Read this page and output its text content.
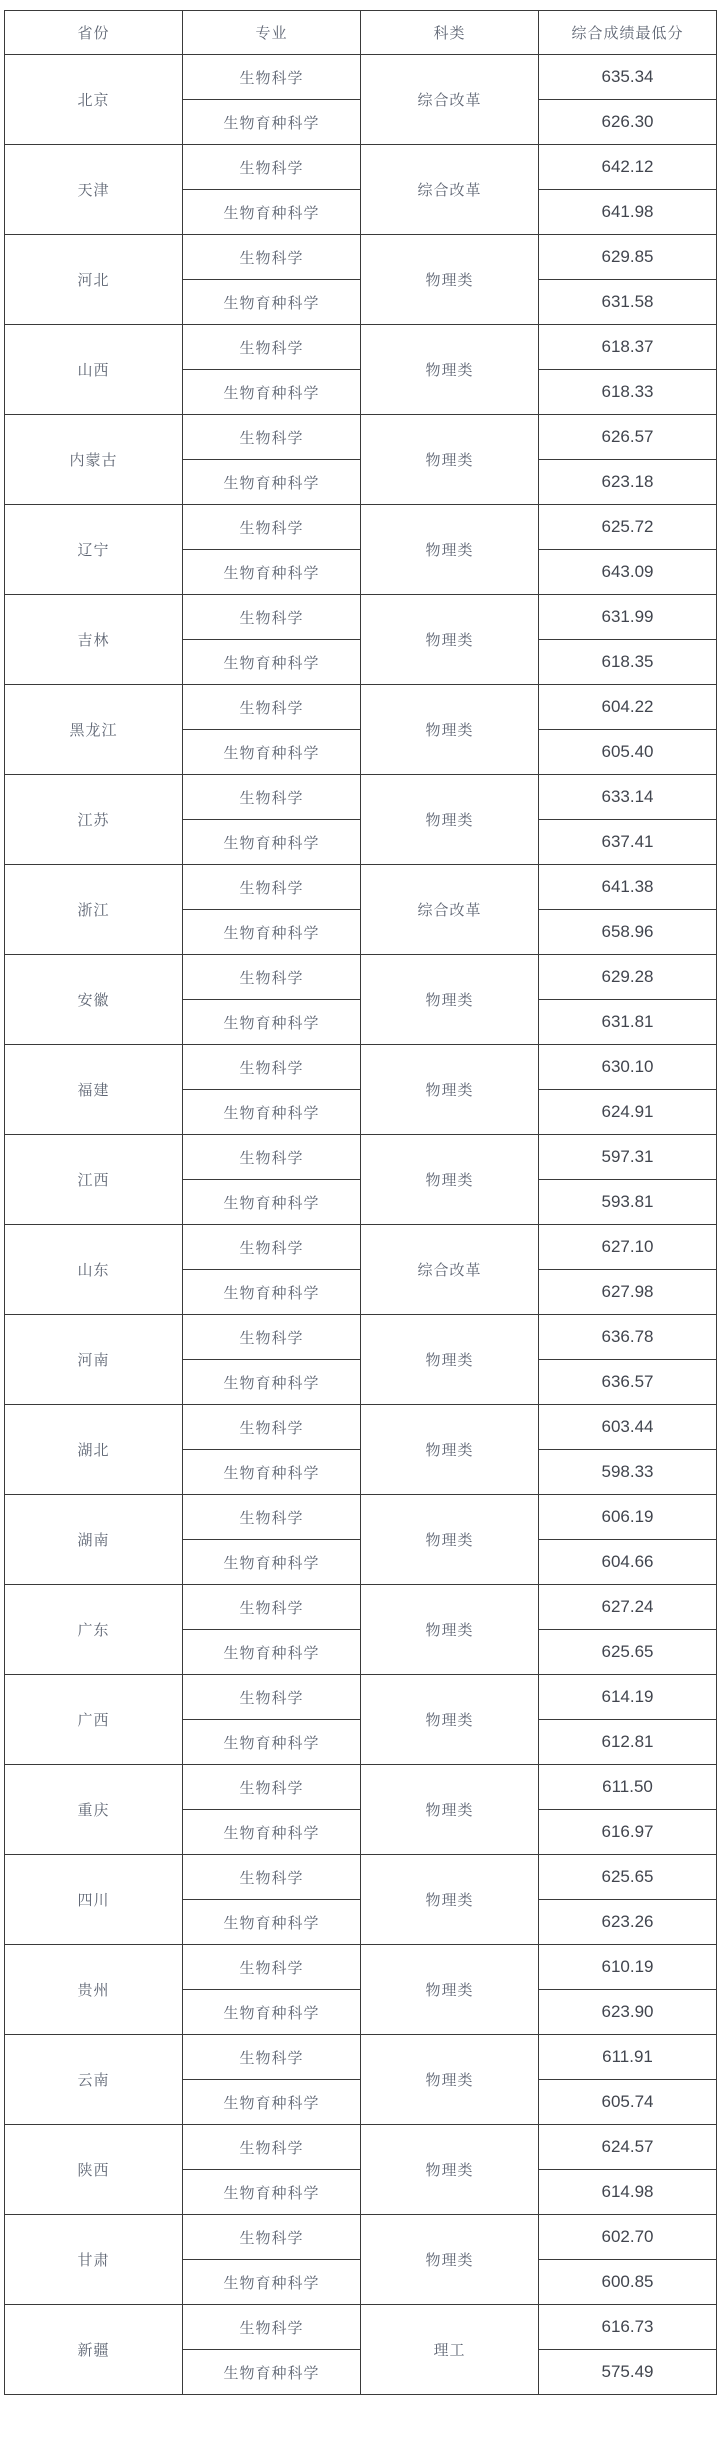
省份	专业	科类	综合成绩最低分
北京	生物科学	综合改革	635.34
	生物育种科学		626.30
天津	生物科学	综合改革	642.12
	生物育种科学		641.98
河北	生物科学	物理类	629.85
	生物育种科学		631.58
山西	生物科学	物理类	618.37
	生物育种科学		618.33
内蒙古	生物科学	物理类	626.57
	生物育种科学		623.18
辽宁	生物科学	物理类	625.72
	生物育种科学		643.09
吉林	生物科学	物理类	631.99
	生物育种科学		618.35
黑龙江	生物科学	物理类	604.22
	生物育种科学		605.40
江苏	生物科学	物理类	633.14
	生物育种科学		637.41
浙江	生物科学	综合改革	641.38
	生物育种科学		658.96
安徽	生物科学	物理类	629.28
	生物育种科学		631.81
福建	生物科学	物理类	630.10
	生物育种科学		624.91
江西	生物科学	物理类	597.31
	生物育种科学		593.81
山东	生物科学	综合改革	627.10
	生物育种科学		627.98
河南	生物科学	物理类	636.78
	生物育种科学		636.57
湖北	生物科学	物理类	603.44
	生物育种科学		598.33
湖南	生物科学	物理类	606.19
	生物育种科学		604.66
广东	生物科学	物理类	627.24
	生物育种科学		625.65
广西	生物科学	物理类	614.19
	生物育种科学		612.81
重庆	生物科学	物理类	611.50
	生物育种科学		616.97
四川	生物科学	物理类	625.65
	生物育种科学		623.26
贵州	生物科学	物理类	610.19
	生物育种科学		623.90
云南	生物科学	物理类	611.91
	生物育种科学		605.74
陕西	生物科学	物理类	624.57
	生物育种科学		614.98
甘肃	生物科学	物理类	602.70
	生物育种科学		600.85
新疆	生物科学	理工	616.73
	生物育种科学		575.49
